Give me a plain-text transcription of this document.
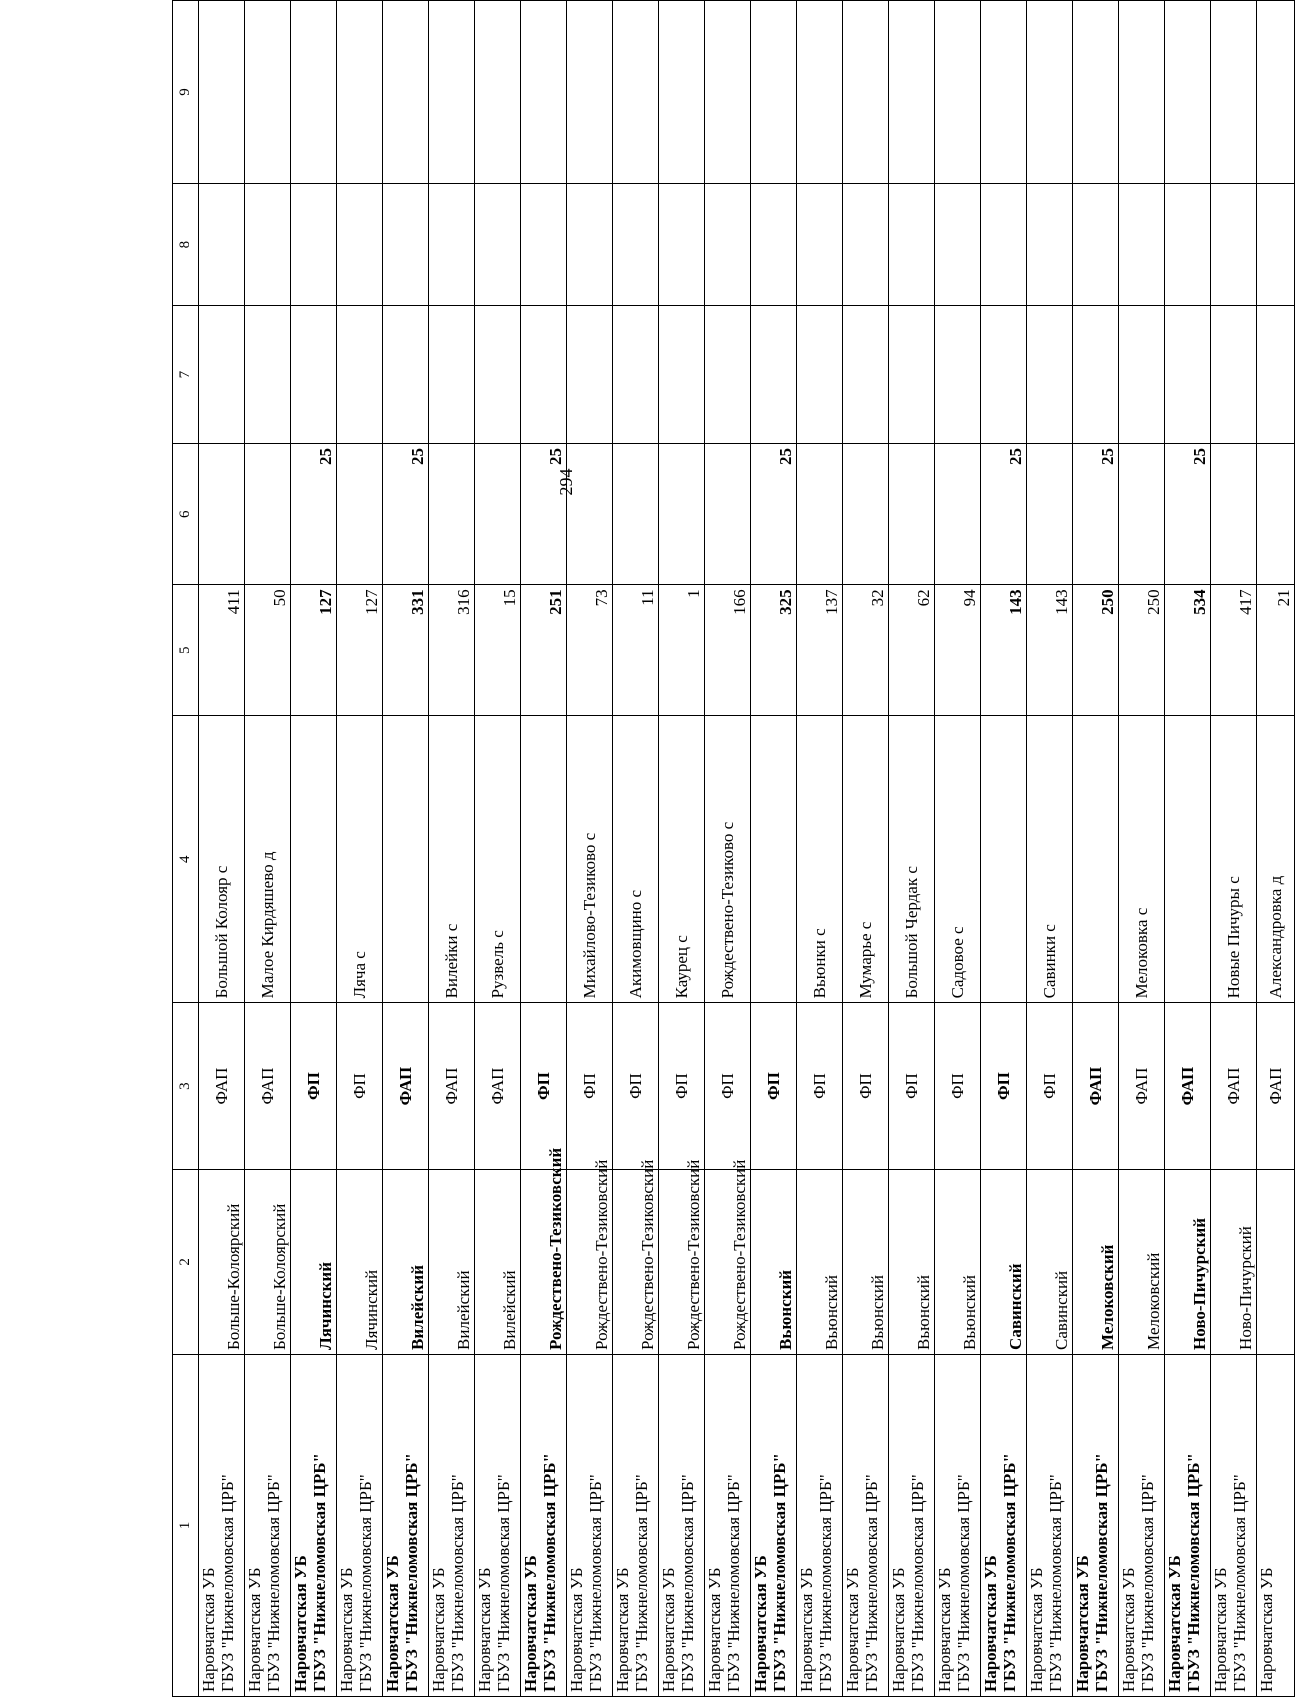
294
1	2	3	4	5	6	7	8	9

Наровчатская УБ ГБУЗ "Нижнеломовская ЦРБ"	Больше-Колоярский	ФАП	Большой Колояр с	411				

Наровчатская УБ ГБУЗ "Нижнеломовская ЦРБ"	Больше-Колоярский	ФАП	Малое Кирдяшево д	50				

Наровчатская УБ ГБУЗ "Нижнеломовская ЦРБ"	Лячинский	ФП		127	25			

Наровчатская УБ ГБУЗ "Нижнеломовская ЦРБ"	Лячинский	ФП	Ляча с	127				

Наровчатская УБ ГБУЗ "Нижнеломовская ЦРБ"	Вилейский	ФАП		331	25			

Наровчатская УБ ГБУЗ "Нижнеломовская ЦРБ"	Вилейский	ФАП	Вилейки с	316				

Наровчатская УБ ГБУЗ "Нижнеломовская ЦРБ"	Вилейский	ФАП	Рузвель с	15				

Наровчатская УБ ГБУЗ "Нижнеломовская ЦРБ"	Рождествено-Тезиковский	ФП		251	25			

Наровчатская УБ ГБУЗ "Нижнеломовская ЦРБ"	Рождествено-Тезиковский	ФП	Михайлово-Тезиково с	73				

Наровчатская УБ ГБУЗ "Нижнеломовская ЦРБ"	Рождествено-Тезиковский	ФП	Акимовщино с	11				

Наровчатская УБ ГБУЗ "Нижнеломовская ЦРБ"	Рождествено-Тезиковский	ФП	Каурец с	1				

Наровчатская УБ ГБУЗ "Нижнеломовская ЦРБ"	Рождествено-Тезиковский	ФП	Рождествено-Тезиково с	166				

Наровчатская УБ ГБУЗ "Нижнеломовская ЦРБ"	Вьюнский	ФП		325	25			

Наровчатская УБ ГБУЗ "Нижнеломовская ЦРБ"	Вьюнский	ФП	Вьюнки с	137				

Наровчатская УБ ГБУЗ "Нижнеломовская ЦРБ"	Вьюнский	ФП	Мумарье с	32				

Наровчатская УБ ГБУЗ "Нижнеломовская ЦРБ"	Вьюнский	ФП	Большой Чердак с	62				

Наровчатская УБ ГБУЗ "Нижнеломовская ЦРБ"	Вьюнский	ФП	Садовое с	94				

Наровчатская УБ ГБУЗ "Нижнеломовская ЦРБ"	Савинский	ФП		143	25			

Наровчатская УБ ГБУЗ "Нижнеломовская ЦРБ"	Савинский	ФП	Савинки с	143				

Наровчатская УБ ГБУЗ "Нижнеломовская ЦРБ"	Мелоковский	ФАП		250	25			

Наровчатская УБ ГБУЗ "Нижнеломовская ЦРБ"	Мелоковский	ФАП	Мелоковка с	250				

Наровчатская УБ ГБУЗ "Нижнеломовская ЦРБ"	Ново-Пичурский	ФАП		534	25			

Наровчатская УБ ГБУЗ "Нижнеломовская ЦРБ"	Ново-Пичурский	ФАП	Новые Пичуры с	417				

Наровчатская УБ		ФАП	Александровка д	21				
